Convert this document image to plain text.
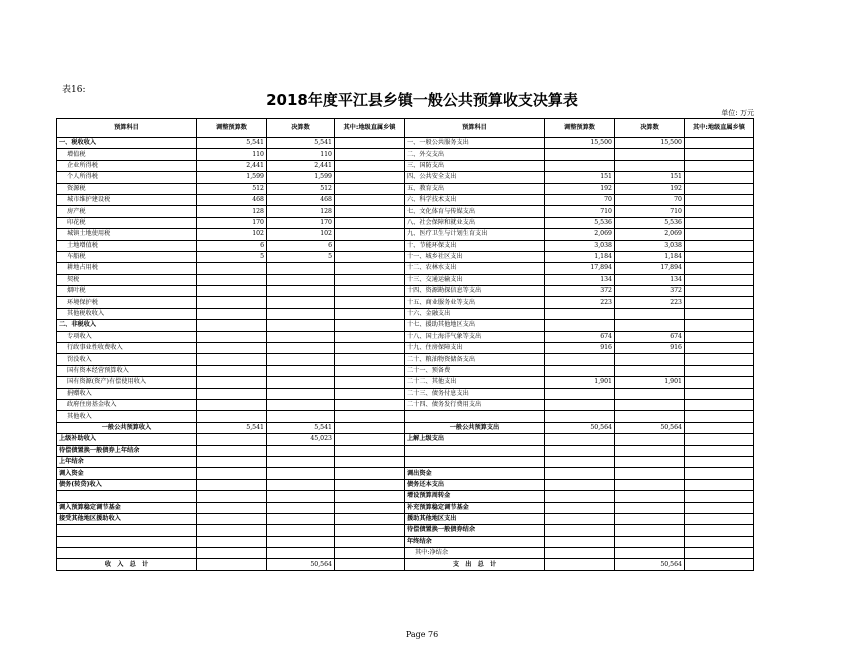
表16:
2018年度平江县乡镇一般公共预算收支决算表
单位: 万元
预算科目	调整预算数	决算数	其中:地级直属乡镇	预算科目	调整预算数	决算数	其中:地级直属乡镇
一、税收收入	5,541	5,541		一、一般公共服务支出	15,500	15,500	
增值税	110	110		二、外交支出			
企业所得税	2,441	2,441		三、国防支出			
个人所得税	1,599	1,599		四、公共安全支出	151	151	
资源税	512	512		五、教育支出	192	192	
城市维护建设税	468	468		六、科学技术支出	70	70	
房产税	128	128		七、文化体育与传媒支出	710	710	
印花税	170	170		八、社会保障和就业支出	5,536	5,536	
城镇土地使用税	102	102		九、医疗卫生与计划生育支出	2,069	2,069	
土地增值税	6	6		十、节能环保支出	3,038	3,038	
车船税	5	5		十一、城乡社区支出	1,184	1,184	
耕地占用税				十二、农林水支出	17,894	17,894	
契税				十三、交通运输支出	134	134	
烟叶税				十四、资源勘探信息等支出	372	372	
环境保护税				十五、商业服务业等支出	223	223	
其他税收收入				十六、金融支出			
二、非税收入				十七、援助其他地区支出			
专项收入				十八、国土海洋气象等支出	674	674	
行政事业性收费收入				十九、住房保障支出	916	916	
罚没收入				二十、粮油物资储备支出			
国有资本经营预算收入				二十一、预备费			
国有资源(资产)有偿使用收入				二十二、其他支出	1,901	1,901	
捐赠收入				二十三、债务付息支出			
政府住房基金收入				二十四、债务发行费用支出			
其他收入							
一般公共预算收入	5,541	5,541		一般公共预算支出	50,564	50,564	
上级补助收入		45,023		上解上级支出			
待偿债置换一般债券上年结余							
上年结余							
调入资金				调出资金			
债务(转贷)收入				债务还本支出			
				增设预算周转金			
调入预算稳定调节基金				补充预算稳定调节基金			
接受其他地区援助收入				援助其他地区支出			
				待偿债置换一般债券结余			
				年终结余			
				其中:净结余			
收　入　总　计		50,564		支　出　总　计		50,564	
Page 76
